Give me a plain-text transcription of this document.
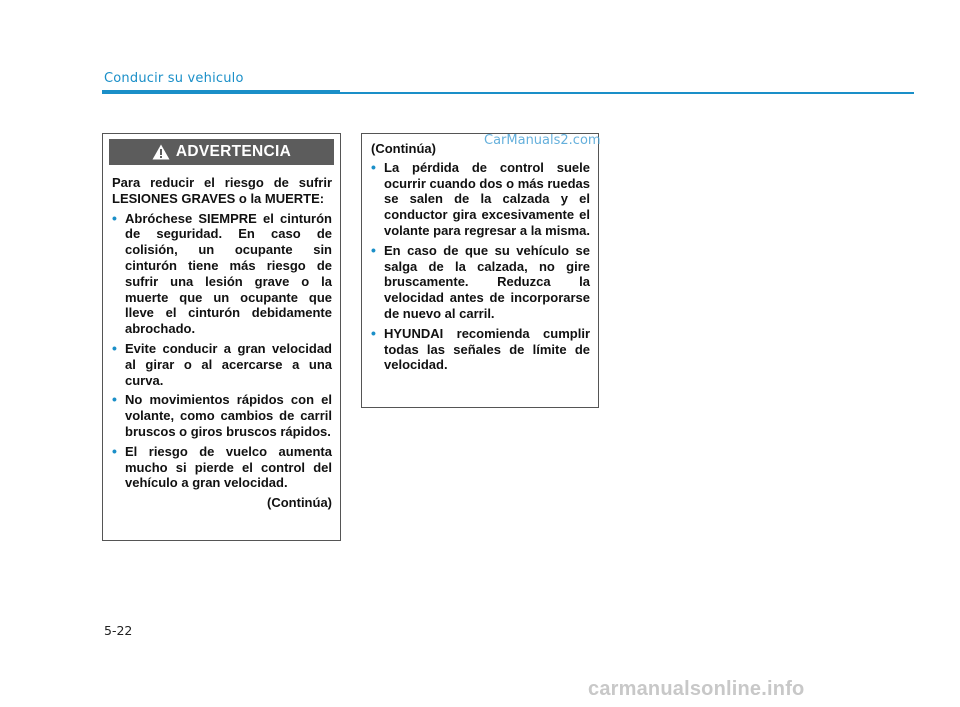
Conducir su vehiculo
ADVERTENCIA

Para reducir el riesgo de sufrir LESIONES GRAVES o la MUERTE:

• Abróchese SIEMPRE el cinturón de seguridad. En caso de colisión, un ocupante sin cinturón tiene más riesgo de sufrir una lesión grave o la muerte que un ocupante que lleve el cinturón debidamente abrochado.
• Evite conducir a gran velocidad al girar o al acercarse a una curva.
• No movimientos rápidos con el volante, como cambios de carril bruscos o giros bruscos rápidos.
• El riesgo de vuelco aumenta mucho si pierde el control del vehículo a gran velocidad.
(Continúa)
(Continúa)
• La pérdida de control suele ocurrir cuando dos o más ruedas se salen de la calzada y el conductor gira excesivamente el volante para regresar a la misma.
• En caso de que su vehículo se salga de la calzada, no gire bruscamente. Reduzca la velocidad antes de incorporarse de nuevo al carril.
• HYUNDAI recomienda cumplir todas las señales de límite de velocidad.
CarManuals2.com
5-22
carmanualsonline.info
